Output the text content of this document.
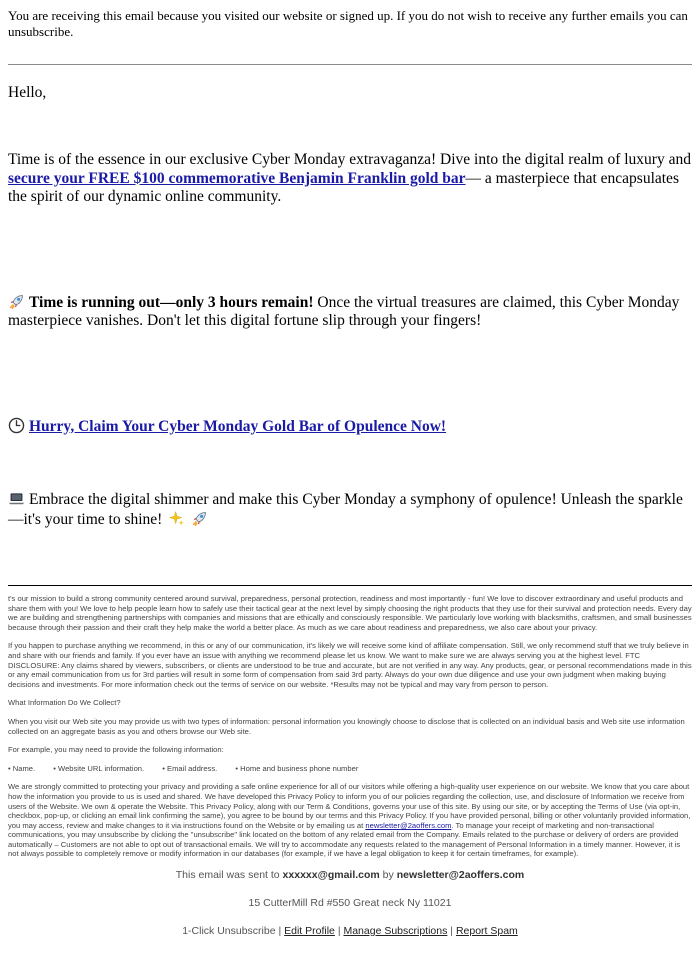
You are receiving this email because you visited our website or signed up. If you do not wish to receive any further emails you can unsubscribe.

Hello,

Time is of the essence in our exclusive Cyber Monday extravaganza! Dive into the digital realm of luxury and secure your FREE $100 commemorative Benjamin Franklin gold bar— a masterpiece that encapsulates the spirit of our dynamic online community.

Time is running out—only 3 hours remain! Once the virtual treasures are claimed, this Cyber Monday masterpiece vanishes. Don't let this digital fortune slip through your fingers!

Hurry, Claim Your Cyber Monday Gold Bar of Opulence Now!

Embrace the digital shimmer and make this Cyber Monday a symphony of opulence! Unleash the sparkle—it's your time to shine!

t's our mission to build a strong community centered around survival, preparedness, personal protection, readiness and most importantly - fun! We love to discover extraordinary and useful products and share them with you! We love to help people learn how to safely use their tactical gear at the next level by simply choosing the right products that they use for their survival and protection needs. Every day we are building and strengthening partnerships with companies and missions that are ethically and consciously responsible. We particularly love working with blacksmiths, craftsmen, and small businesses because through their passion and their craft they help make the world a better place. As much as we care about readiness and preparedness, we also care about your privacy.

If you happen to purchase anything we recommend, in this or any of our communication, it's likely we will receive some kind of affiliate compensation. Still, we only recommend stuff that we truly believe in and share with our friends and family. If you ever have an issue with anything we recommend please let us know. We want to make sure we are always serving you at the highest level. FTC DISCLOSURE: Any claims shared by viewers, subscribers, or clients are understood to be true and accurate, but are not verified in any way. Any products, gear, or personal recommendations made in this or any email communication from us for 3rd parties will result in some form of compensation from said 3rd party. Always do your own due diligence and use your own judgment when making buying decisions and investments. For more information check out the terms of service on our website. *Results may not be typical and may vary from person to person.

What Information Do We Collect?

When you visit our Web site you may provide us with two types of information: personal information you knowingly choose to disclose that is collected on an individual basis and Web site use information collected on an aggregate basis as you and others browse our Web site.

For example, you may need to provide the following information:

• Name. • Website URL information. • Email address. • Home and business phone number

We are strongly committed to protecting your privacy and providing a safe online experience for all of our visitors while offering a high-quality user experience on our website. We know that you care about how the information you provide to us is used and shared. We have developed this Privacy Policy to inform you of our policies regarding the collection, use, and disclosure of Information we receive from users of the Website. We own & operate the Website. This Privacy Policy, along with our Term & Conditions, governs your use of this site. By using our site, or by accepting the Terms of Use (via opt-in, checkbox, pop-up, or clicking an email link confirming the same), you agree to be bound by our terms and this Privacy Policy. If you have provided personal, billing or other voluntarily provided information, you may access, review and make changes to it via instructions found on the Website or by emailing us at newsletter@2aoffers.com. To manage your receipt of marketing and non-transactional communications, you may unsubscribe by clicking the "unsubscribe" link located on the bottom of any related email from the Company. Emails related to the purchase or delivery of orders are provided automatically – Customers are not able to opt out of transactional emails. We will try to accommodate any requests related to the management of Personal Information in a timely manner. However, it is not always possible to completely remove or modify information in our databases (for example, if we have a legal obligation to keep it for certain timeframes, for example).

This email was sent to xxxxxx@gmail.com by newsletter@2aoffers.com

15 CutterMill Rd #550 Great neck Ny 11021

1-Click Unsubscribe | Edit Profile | Manage Subscriptions | Report Spam
